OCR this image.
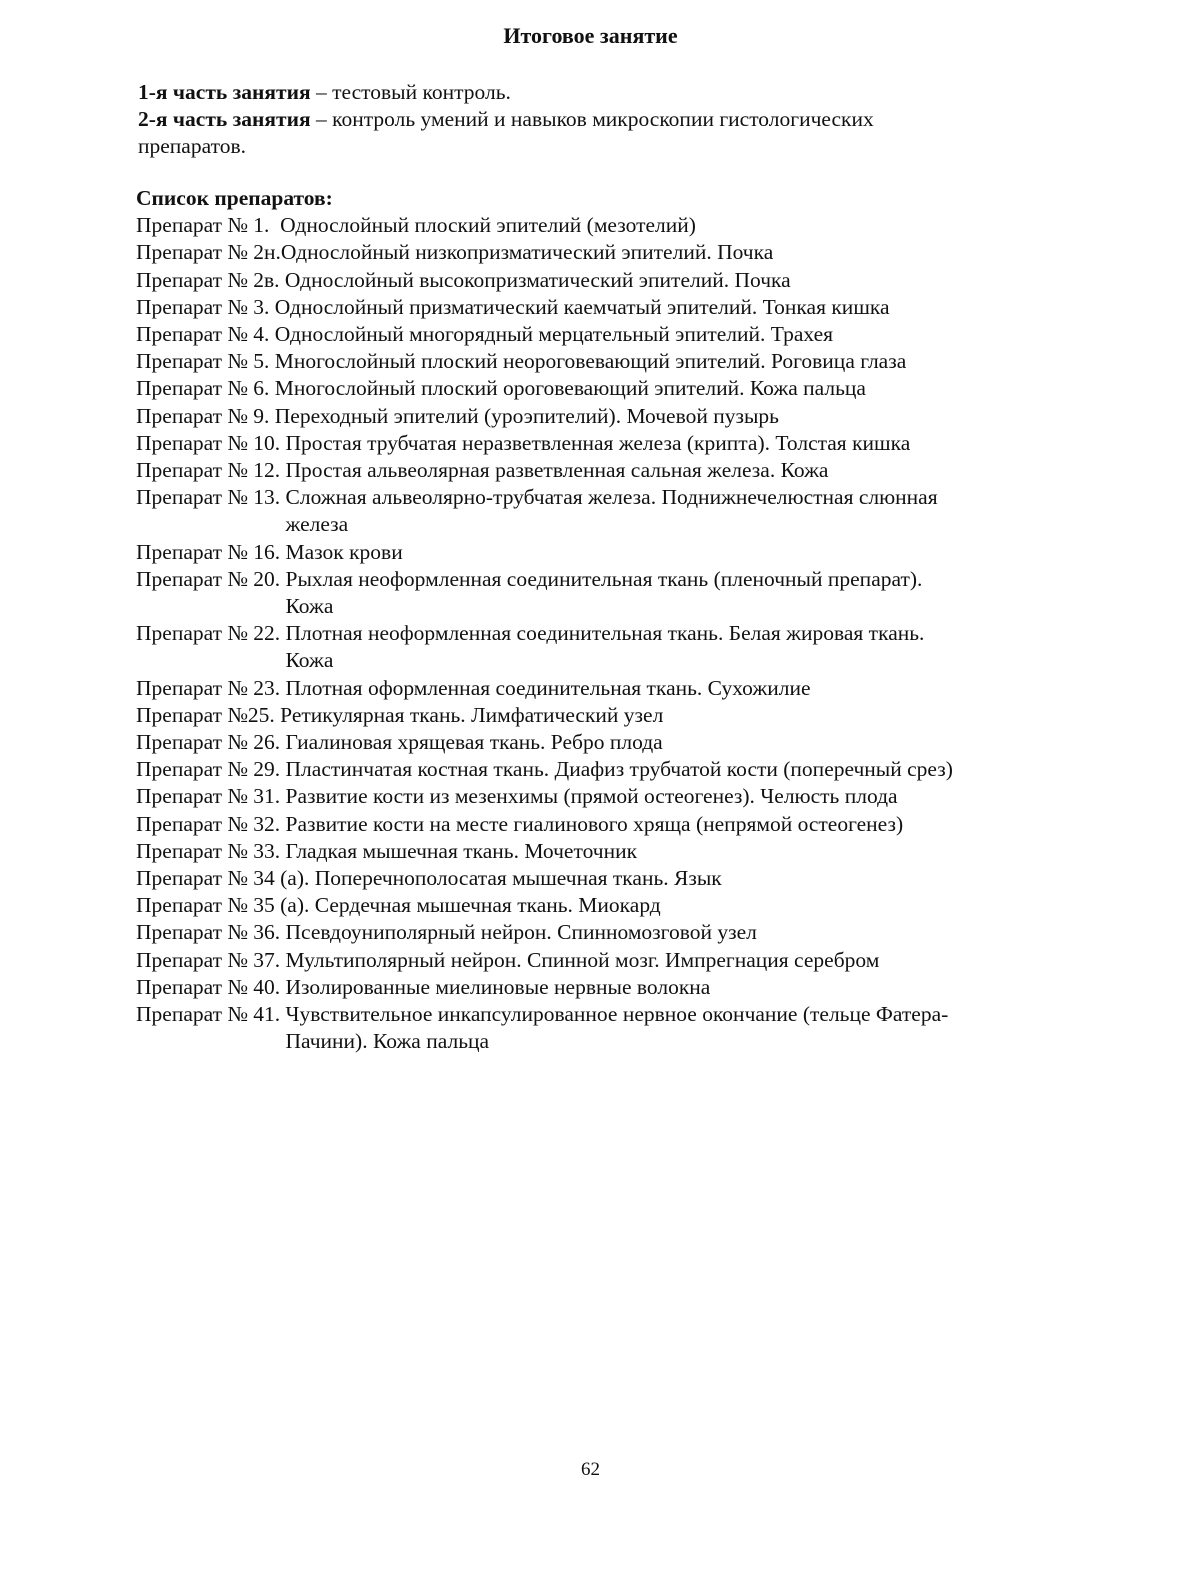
Итоговое занятие

1-я часть занятия – тестовый контроль.

2-я часть занятия – контроль умений и навыков микроскопии гистологических

препаратов.

Список препаратов:

Препарат № 1. Однослойный плоский эпителий (мезотелий)

Препарат № 2н. Однослойный низкопризматический эпителий. Почка

Препарат № 2в. Однослойный высокопризматический эпителий. Почка

Препарат № 3. Однослойный призматический каемчатый эпителий. Тонкая кишка

Препарат № 4. Однослойный многорядный мерцательный эпителий. Трахея

Препарат № 5. Многослойный плоский неороговевающий эпителий. Роговица глаза

Препарат № 6. Многослойный плоский ороговевающий эпителий. Кожа пальца

Препарат № 9. Переходный эпителий (уроэпителий). Мочевой пузырь

Препарат № 10. Простая трубчатая неразветвленная железа (крипта). Толстая кишка

Препарат № 12. Простая альвеолярная разветвленная сальная железа. Кожа

Препарат № 13. Сложная альвеолярно-трубчатая железа. Поднижнечелюстная слюнная
железа

Препарат № 16. Мазок крови

Препарат № 20. Рыхлая неоформленная соединительная ткань (пленочный препарат).
Кожа

Препарат № 22. Плотная неоформленная соединительная ткань. Белая жировая ткань.
Кожа

Препарат № 23. Плотная оформленная соединительная ткань. Сухожилие

Препарат №25. Ретикулярная ткань. Лимфатический узел

Препарат № 26. Гиалиновая хрящевая ткань. Ребро плода

Препарат № 29. Пластинчатая костная ткань. Диафиз трубчатой кости (поперечный срез)

Препарат № 31. Развитие кости из мезенхимы (прямой остеогенез). Челюсть плода

Препарат № 32. Развитие кости на месте гиалинового хряща (непрямой остеогенез)

Препарат № 33. Гладкая мышечная ткань. Мочеточник

Препарат № 34 (а). Поперечнополосатая мышечная ткань. Язык

Препарат № 35 (а). Сердечная мышечная ткань. Миокард

Препарат № 36. Псевдоуниполярный нейрон. Спинномозговой узел

Препарат № 37. Мультиполярный нейрон. Спинной мозг. Импрегнация серебром

Препарат № 40. Изолированные миелиновые нервные волокна

Препарат № 41. Чувствительное инкапсулированное нервное окончание (тельце Фатера-
Пачини). Кожа пальца

62
